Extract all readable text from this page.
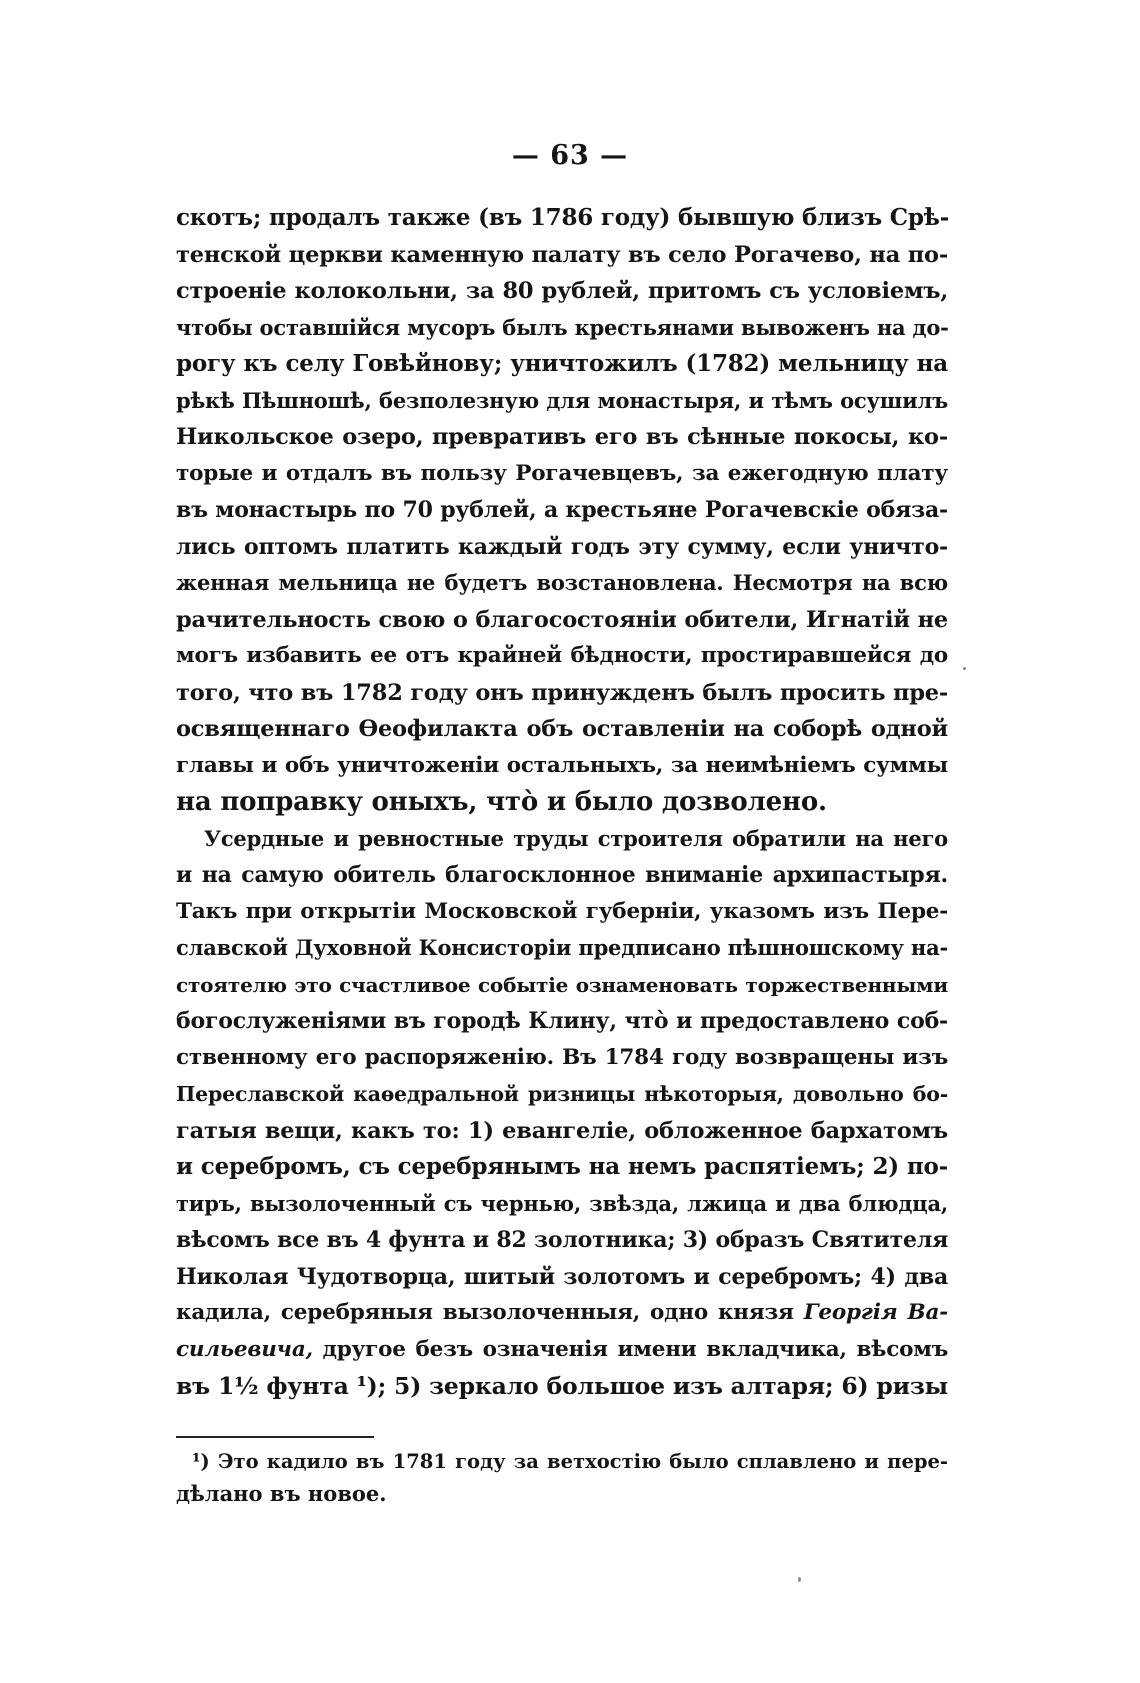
— 63 —
скотъ; продалъ также (въ 1786 году) бывшую близъ Срѣ-
тенской церкви каменную палату въ село Рогачево, на по-
строеніе колокольни, за 80 рублей, притомъ съ условіемъ,
чтобы оставшійся мусоръ былъ крестьянами вывоженъ на до-
рогу къ селу Говѣйнову; уничтожилъ (1782) мельницу на
рѣкѣ Пѣшношѣ, безполезную для монастыря, и тѣмъ осушилъ
Никольское озеро, превративъ его въ сѣнные покосы, ко-
торые и отдалъ въ пользу Рогачевцевъ, за ежегодную плату
въ монастырь по 70 рублей, а крестьяне Рогачевскіе обяза-
лись оптомъ платить каждый годъ эту сумму, если уничто-
женная мельница не будетъ возстановлена. Несмотря на всю
рачительность свою о благосостояніи обители, Игнатій не
могъ избавить ее отъ крайней бѣдности, простиравшейся до
того, что въ 1782 году онъ принужденъ былъ просить пре-
освященнаго Ѳеофилакта объ оставленіи на соборѣ одной
главы и объ уничтоженіи остальныхъ, за неимѣніемъ суммы
на поправку оныхъ, что̀ и было дозволено.
Усердные и ревностные труды строителя обратили на него
и на самую обитель благосклонное вниманіе архипастыря.
Такъ при открытіи Московской губерніи, указомъ изъ Пере-
славской Духовной Консисторіи предписано пѣшношскому на-
стоятелю это счастливое событіе ознаменовать торжественными
богослуженіями въ городѣ Клину, что̀ и предоставлено соб-
ственному его распоряженію. Въ 1784 году возвращены изъ
Переславской каѳедральной ризницы нѣкоторыя, довольно бо-
гатыя вещи, какъ то: 1) евангеліе, обложенное бархатомъ
и серебромъ, съ серебрянымъ на немъ распятіемъ; 2) по-
тиръ, вызолоченный съ чернью, звѣзда, лжица и два блюдца,
вѣсомъ все въ 4 фунта и 82 золотника; 3) образъ Святителя
Николая Чудотворца, шитый золотомъ и серебромъ; 4) два
кадила, серебряныя вызолоченныя, одно князя Георгія Ва-
сильевича, другое безъ означенія имени вкладчика, вѣсомъ
въ 1½ фунта ¹); 5) зеркало большое изъ алтаря; 6) ризы
¹) Это кадило въ 1781 году за ветхостію было сплавлено и пере-
дѣлано въ новое.
